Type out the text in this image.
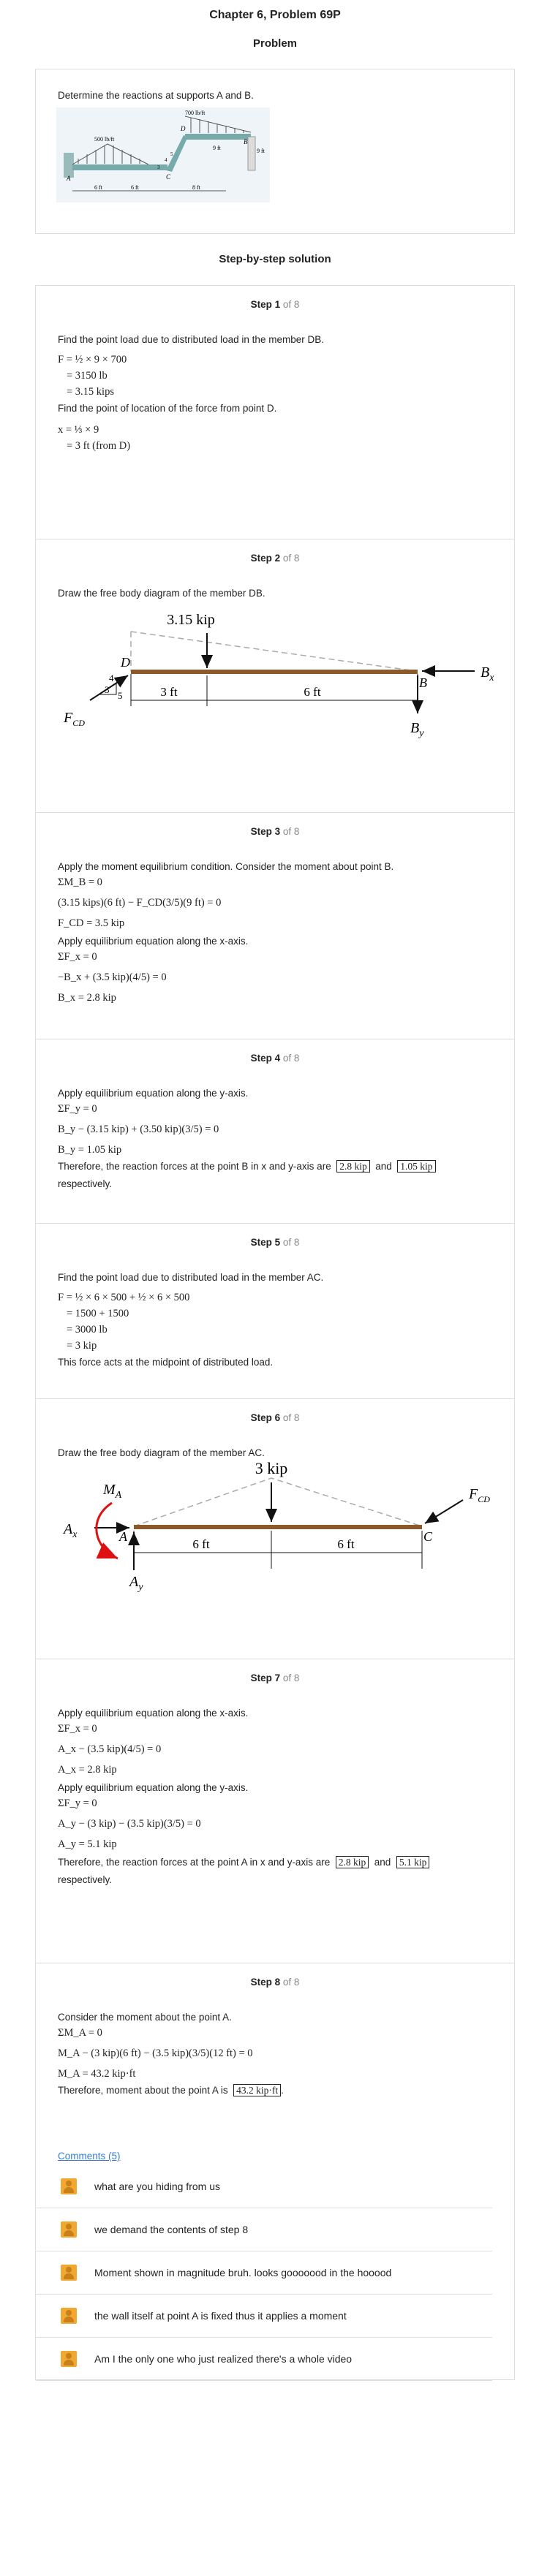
Chapter 6, Problem 69P
Problem

Determine the reactions at supports A and B.

700 lb/ft
500 lb/ft
9 ft
9 ft
A	C
D
B
3
4
5
6 ft	6 ft	8 ft
Step-by-step solution
Step 1 of 8

Find the point load due to distributed load in the member DB.

F = ½ × 9 × 700
= 3150 lb
= 3.15 kips

Find the point of location of the force from point D.

x = ⅓ × 9
= 3 ft (from D)
Step 2 of 8

Draw the free body diagram of the member DB.

3.15 kip
D
B
$B_x$
$B_y$
$F_{CD}$
3
4
5	3 ft	6 ft
Step 3 of 8

Apply the moment equilibrium condition. Consider the moment about point B.

ΣM_B = 0
(3.15 kips)(6 ft) − F_CD(3/5)(9 ft) = 0
F_CD = 3.5 kip

Apply equilibrium equation along the x-axis.

ΣF_x = 0
−B_x + (3.5 kip)(4/5) = 0
B_x = 2.8 kip
Step 4 of 8

Apply equilibrium equation along the y-axis.

ΣF_y = 0
B_y − (3.15 kip) + (3.50 kip)(3/5) = 0
B_y = 1.05 kip

Therefore, the reaction forces at the point B in x and y-axis are 2.8 kip and 1.05 kip

respectively.

Step 5 of 8

Find the point load due to distributed load in the member AC.

F = ½ × 6 × 500 + ½ × 6 × 500
= 1500 + 1500
= 3000 lb
= 3 kip

This force acts at the midpoint of distributed load.

Step 6 of 8

Draw the free body diagram of the member AC.

3 kip
$M_A$
$A_x$	A
$A_y$
C
$F_{CD}$
6 ft	6 ft
Step 7 of 8

Apply equilibrium equation along the x-axis.

ΣF_x = 0
A_x − (3.5 kip)(4/5) = 0
A_x = 2.8 kip

Apply equilibrium equation along the y-axis.

ΣF_y = 0
A_y − (3 kip) − (3.5 kip)(3/5) = 0
A_y = 5.1 kip

Therefore, the reaction forces at the point A in x and y-axis are 2.8 kip and 5.1 kip

respectively.

Step 8 of 8

Consider the moment about the point A.

ΣM_A = 0
M_A − (3 kip)(6 ft) − (3.5 kip)(3/5)(12 ft) = 0
M_A = 43.2 kip·ft

Therefore, moment about the point A is 43.2 kip·ft .

Comments (5)
what are you hiding from us
we demand the contents of step 8
Moment shown in magnitude bruh. looks gooooood in the hooood
the wall itself at point A is fixed thus it applies a moment
Am I the only one who just realized there's a whole video
